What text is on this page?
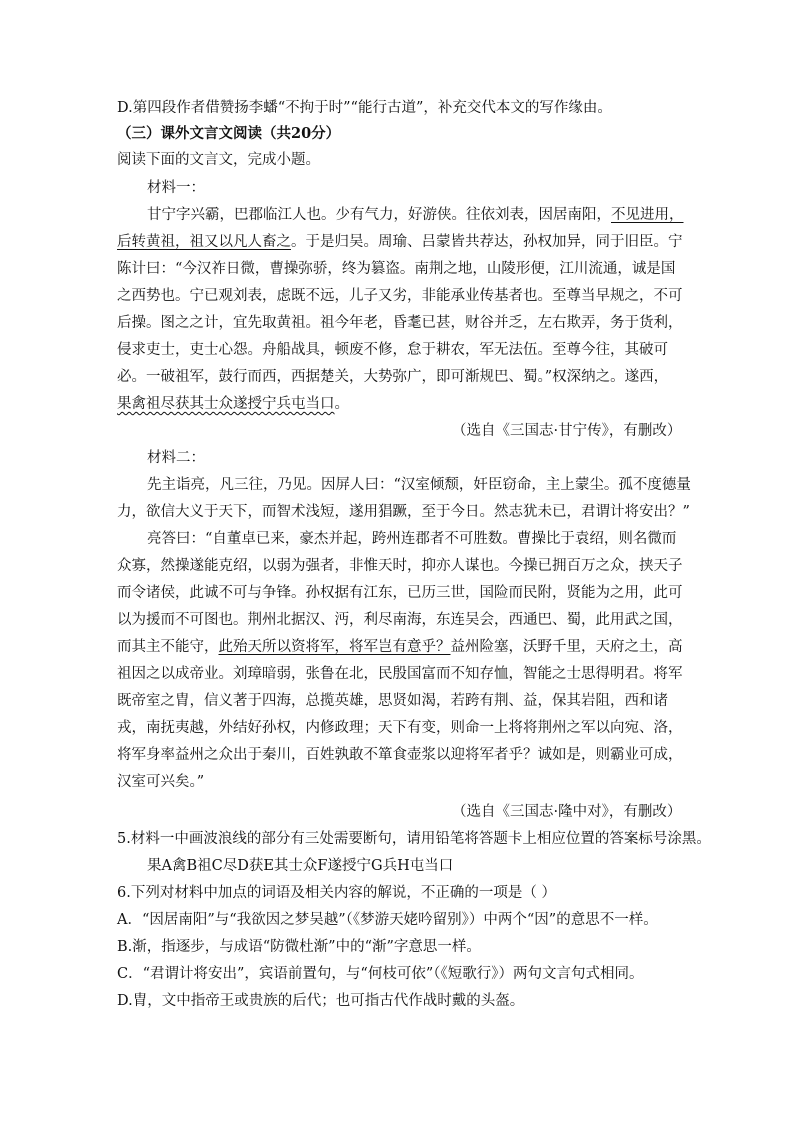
D.第四段作者借赞扬李蟠“不拘于时”“能行古道”，补充交代本文的写作缘由。
（三）课外文言文阅读（共20分）
阅读下面的文言文，完成小题。
材料一：
甘宁字兴霸，巴郡临江人也。少有气力，好游侠。往依刘表，因居南阳，不见进用，
后转黄祖，祖又以凡人畜之。于是归吴。周瑜、吕蒙皆共荐达，孙权加异，同于旧臣。宁
陈计曰：“今汉祚日微，曹操弥骄，终为篡盗。南荆之地，山陵形便，江川流通，诚是国
之西势也。宁已观刘表，虑既不远，儿子又劣，非能承业传基者也。至尊当早规之，不可
后操。图之之计，宜先取黄祖。祖今年老，昏耄已甚，财谷并乏，左右欺弄，务于货利，
侵求吏士，吏士心怨。舟船战具，顿废不修，怠于耕农，军无法伍。至尊今往，其破可
必。一破祖军，鼓行而西，西据楚关，大势弥广，即可渐规巴、蜀。”权深纳之。遂西，
果禽祖尽获其士众遂授宁兵屯当口。
（选自《三国志·甘宁传》，有删改）
材料二：
先主诣亮，凡三往，乃见。因屏人曰：“汉室倾颓，奸臣窃命，主上蒙尘。孤不度德量
力，欲信大义于天下，而智术浅短，遂用猖蹶，至于今日。然志犹未已，君谓计将安出？”
亮答曰：“自董卓已来，豪杰并起，跨州连郡者不可胜数。曹操比于袁绍，则名微而
众寡，然操遂能克绍，以弱为强者，非惟天时，抑亦人谋也。今操已拥百万之众，挟天子
而令诸侯，此诚不可与争锋。孙权据有江东，已历三世，国险而民附，贤能为之用，此可
以为援而不可图也。荆州北据汉、沔，利尽南海，东连吴会，西通巴、蜀，此用武之国，
而其主不能守，此殆天所以资将军，将军岂有意乎？益州险塞，沃野千里，天府之土，高
祖因之以成帝业。刘璋暗弱，张鲁在北，民殷国富而不知存恤，智能之士思得明君。将军
既帝室之胄，信义著于四海，总揽英雄，思贤如渴，若跨有荆、益，保其岩阻，西和诸
戎，南抚夷越，外结好孙权，内修政理；天下有变，则命一上将将荆州之军以向宛、洛，
将军身率益州之众出于秦川，百姓孰敢不箪食壶浆以迎将军者乎？诚如是，则霸业可成，
汉室可兴矣。”
（选自《三国志·隆中对》，有删改）
5.材料一中画波浪线的部分有三处需要断句，请用铅笔将答题卡上相应位置的答案标号涂黑。
果A禽B祖C尽D获E其士众F遂授宁G兵H屯当口
6.下列对材料中加点的词语及相关内容的解说，不正确的一项是（ ）
A．“因居南阳”与“我欲因之梦吴越”（《梦游天姥吟留别》）中两个“因”的意思不一样。
B.渐，指逐步，与成语“防微杜渐”中的“渐”字意思一样。
C．“君谓计将安出”，宾语前置句，与“何枝可依”（《短歌行》）两句文言句式相同。
D.胄，文中指帝王或贵族的后代；也可指古代作战时戴的头盔。
